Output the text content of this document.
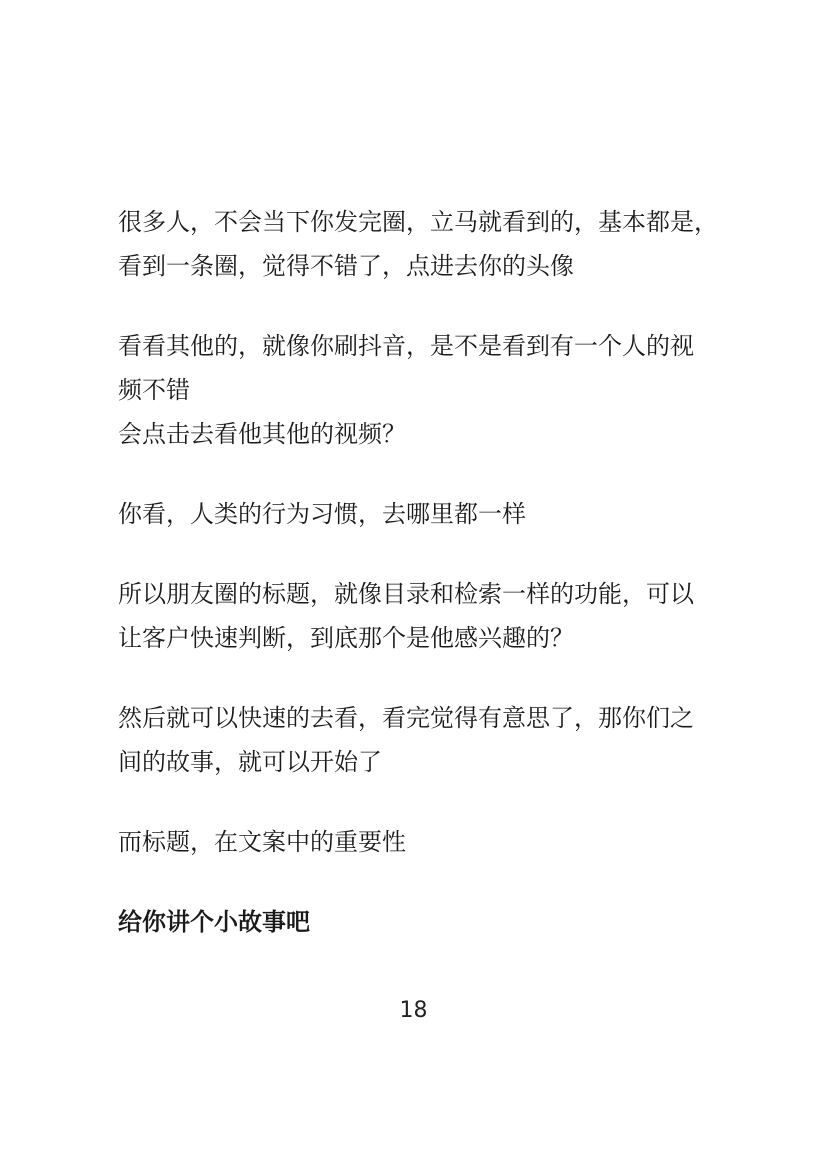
很多人，不会当下你发完圈，立马就看到的，基本都是，
看到一条圈，觉得不错了，点进去你的头像
看看其他的，就像你刷抖音，是不是看到有一个人的视
频不错
会点击去看他其他的视频？
你看，人类的行为习惯，去哪里都一样
所以朋友圈的标题，就像目录和检索一样的功能，可以
让客户快速判断，到底那个是他感兴趣的？
然后就可以快速的去看，看完觉得有意思了，那你们之
间的故事，就可以开始了
而标题，在文案中的重要性
给你讲个小故事吧
18
